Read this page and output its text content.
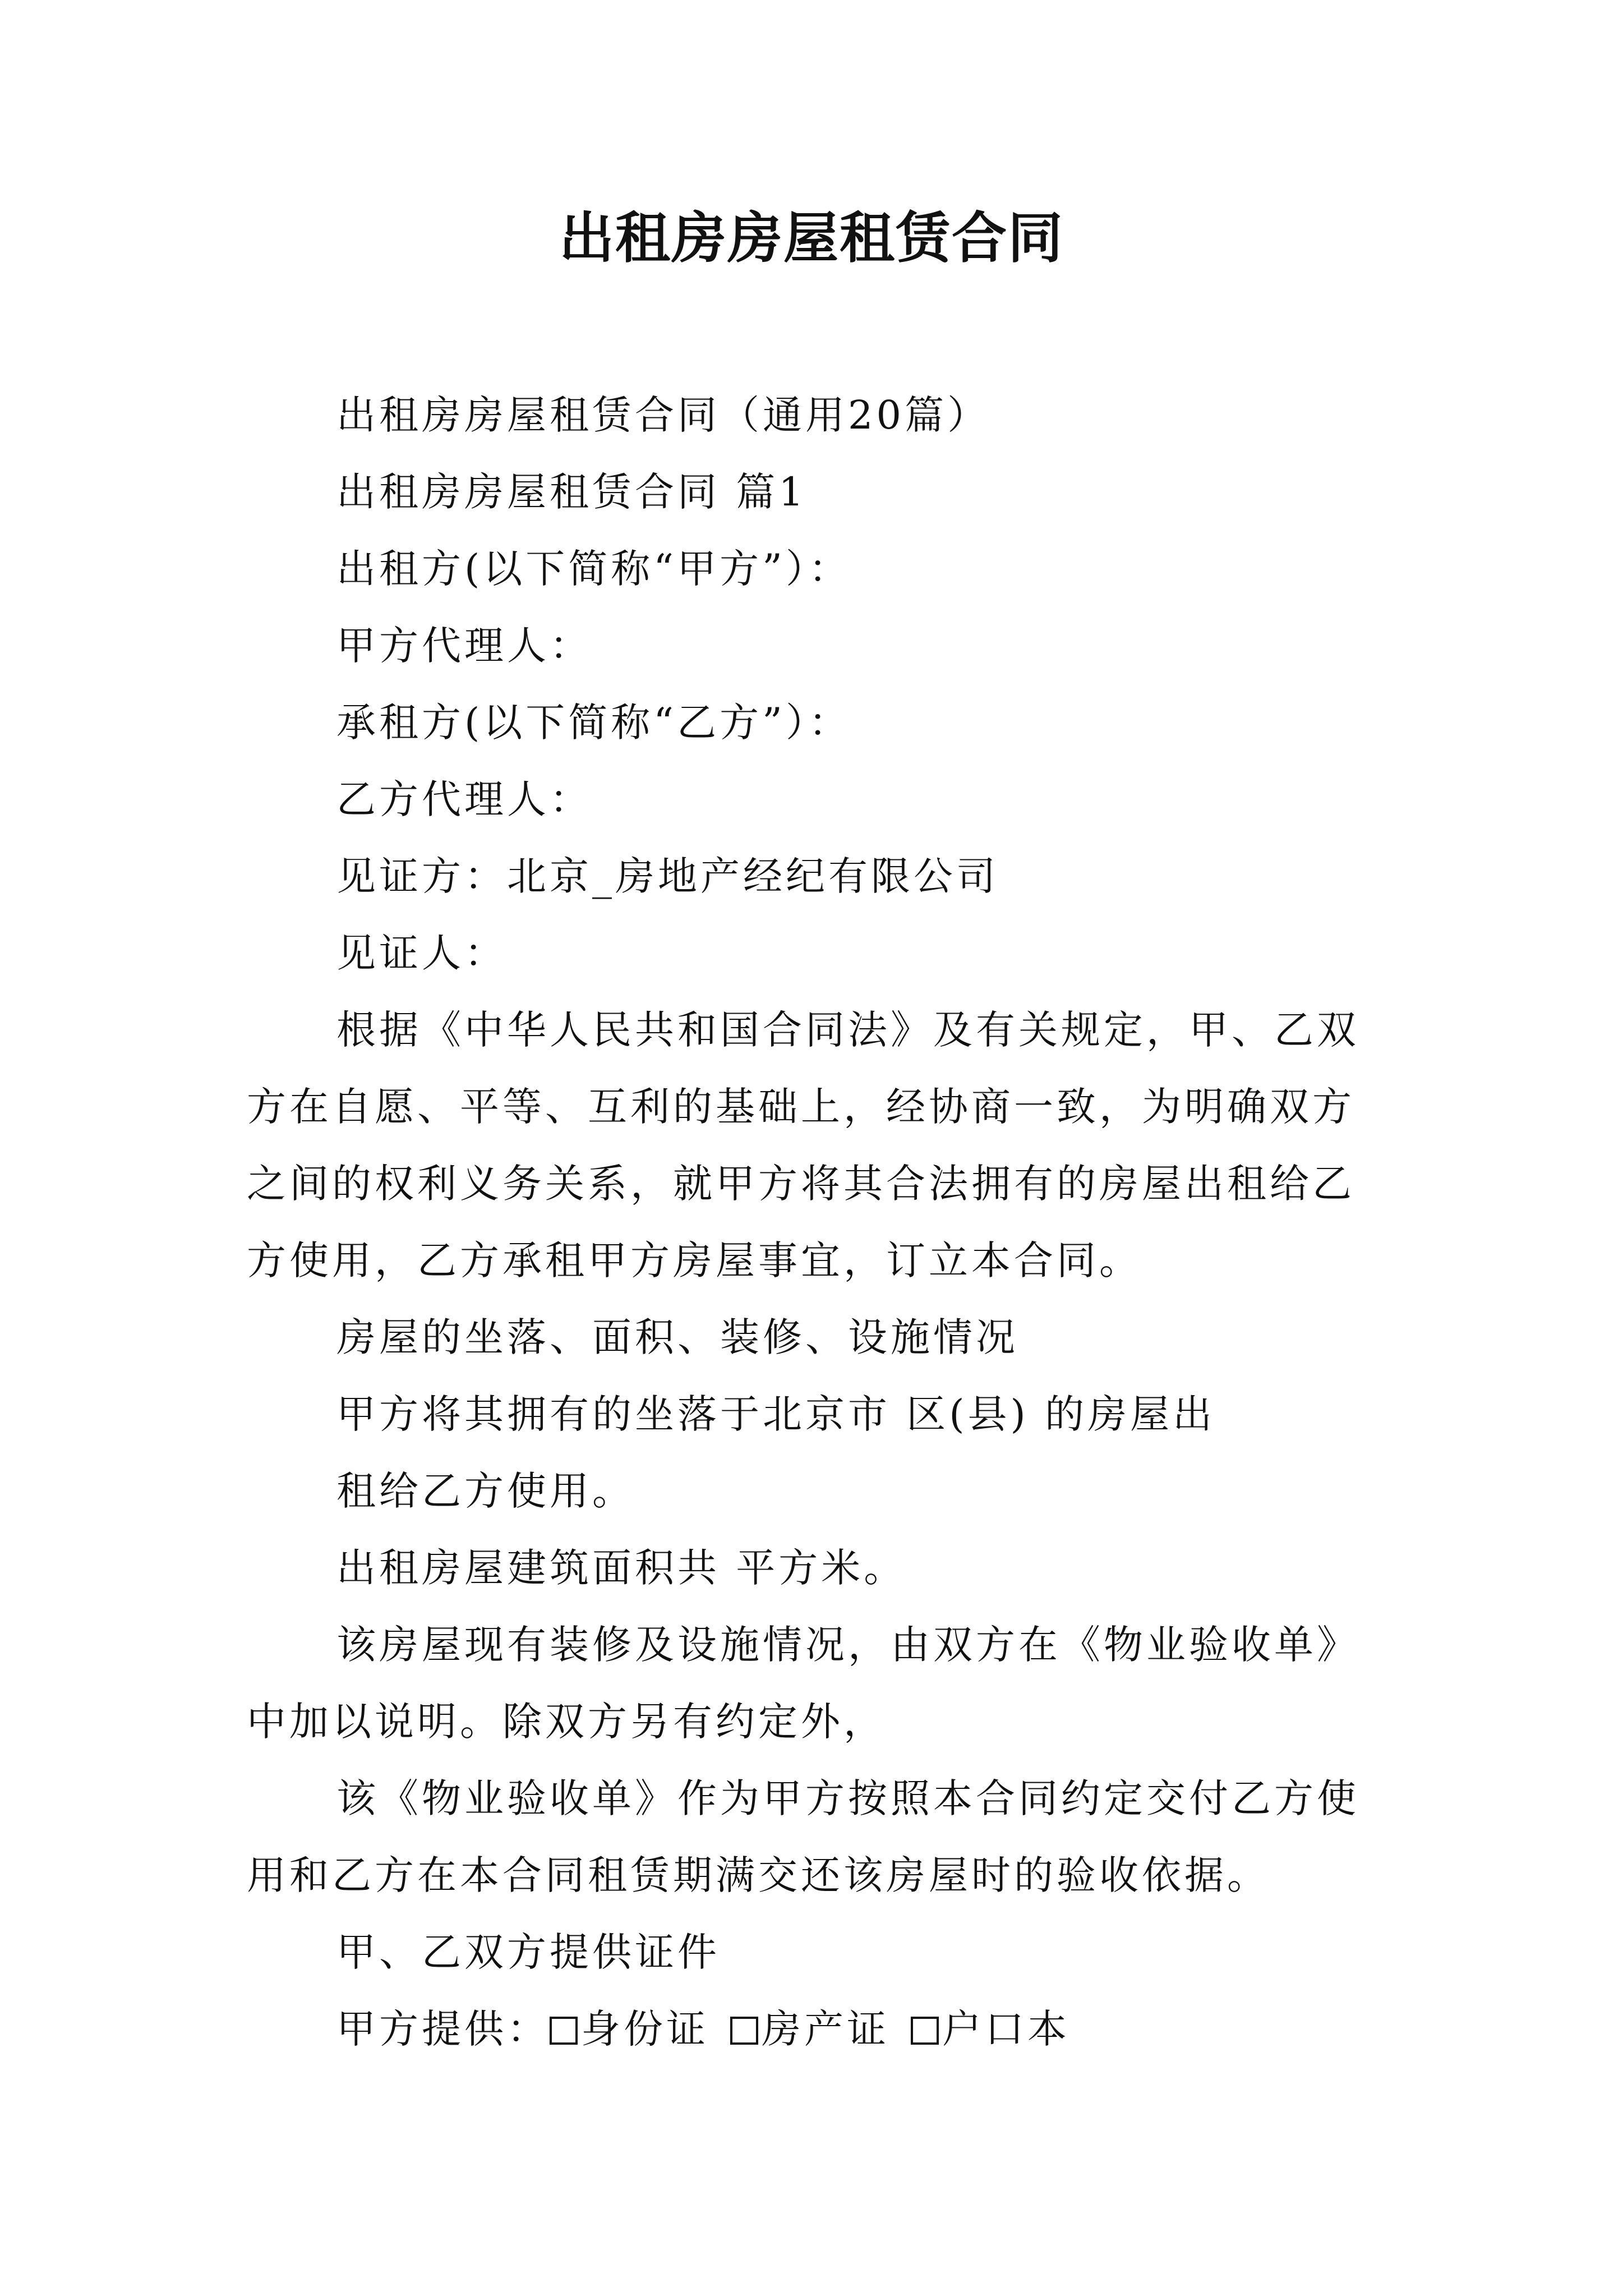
出租房房屋租赁合同
出租房房屋租赁合同（通用20篇）
出租房房屋租赁合同 篇1
出租方(以下简称“甲方”）：
甲方代理人：
承租方(以下简称“乙方”）：
乙方代理人：
见证方：北京_房地产经纪有限公司
见证人：
根据《中华人民共和国合同法》及有关规定，甲、乙双
方在自愿、平等、互利的基础上，经协商一致，为明确双方
之间的权利义务关系，就甲方将其合法拥有的房屋出租给乙
方使用，乙方承租甲方房屋事宜，订立本合同。
房屋的坐落、面积、装修、设施情况
甲方将其拥有的坐落于北京市 区(县) 的房屋出
租给乙方使用。
出租房屋建筑面积共 平方米。
该房屋现有装修及设施情况，由双方在《物业验收单》
中加以说明。除双方另有约定外，
该《物业验收单》作为甲方按照本合同约定交付乙方使
用和乙方在本合同租赁期满交还该房屋时的验收依据。
甲、乙双方提供证件
甲方提供： 身份证 房产证 户口本
